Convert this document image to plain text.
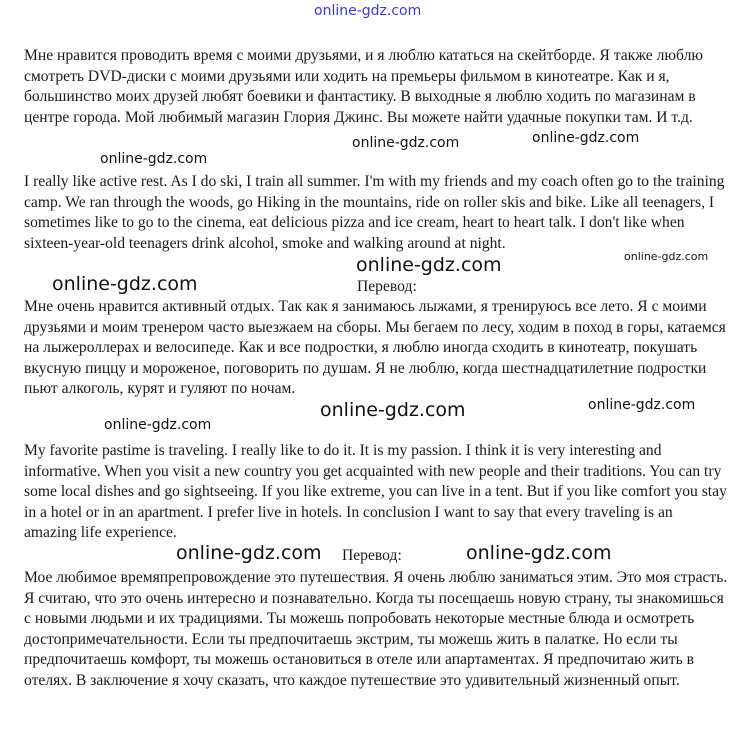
online-gdz.com

Мне нравится проводить время с моими друзьями, и я люблю кататься на скейтборде. Я также люблю смотреть DVD-диски с моими друзьями или ходить на премьеры фильмом в кинотеатре. Как и я, большинство моих друзей любят боевики и фантастику. В выходные я люблю ходить по магазинам в центре города. Мой любимый магазин Глория Джинс. Вы можете найти удачные покупки там. И т.д.

online-gdz.com	online-gdz.com
online-gdz.com

I really like active rest. As I do ski, I train all summer. I'm with my friends and my coach often go to the training camp. We ran through the woods, go Hiking in the mountains, ride on roller skis and bike. Like all teenagers, I sometimes like to go to the cinema, eat delicious pizza and ice cream, heart to heart talk. I don't like when sixteen-year-old teenagers drink alcohol, smoke and walking around at night.

online-gdz.com
online-gdz.com
online-gdz.com	Перевод:

Мне очень нравится активный отдых. Так как я занимаюсь лыжами, я тренируюсь все лето. Я с моими друзьями и моим тренером часто выезжаем на сборы. Мы бегаем по лесу, ходим в поход в горы, катаемся на лыжероллерах и велосипеде. Как и все подростки, я люблю иногда сходить в кинотеатр, покушать вкусную пиццу и мороженое, поговорить по душам. Я не люблю, когда шестнадцатилетние подростки пьют алкоголь, курят и гуляют по ночам.

online-gdz.com
online-gdz.com
online-gdz.com

My favorite pastime is traveling. I really like to do it. It is my passion. I think it is very interesting and informative. When you visit a new country you get acquainted with new people and their traditions. You can try some local dishes and go sightseeing. If you like extreme, you can live in a tent. But if you like comfort you stay in a hotel or in an apartment. I prefer live in hotels. In conclusion I want to say that every traveling is an amazing life experience.

online-gdz.com Перевод:	online-gdz.com

Мое любимое времяпрепровождение это путешествия. Я очень люблю заниматься этим. Это моя страсть. Я считаю, что это очень интересно и познавательно. Когда ты посещаешь новую страну, ты знакомишься с новыми людьми и их традициями. Ты можешь попробовать некоторые местные блюда и осмотреть достопримечательности. Если ты предпочитаешь экстрим, ты можешь жить в палатке. Но если ты предпочитаешь комфорт, ты можешь остановиться в отеле или апартаментах. Я предпочитаю жить в отелях. В заключение я хочу сказать, что каждое путешествие это удивительный жизненный опыт.
